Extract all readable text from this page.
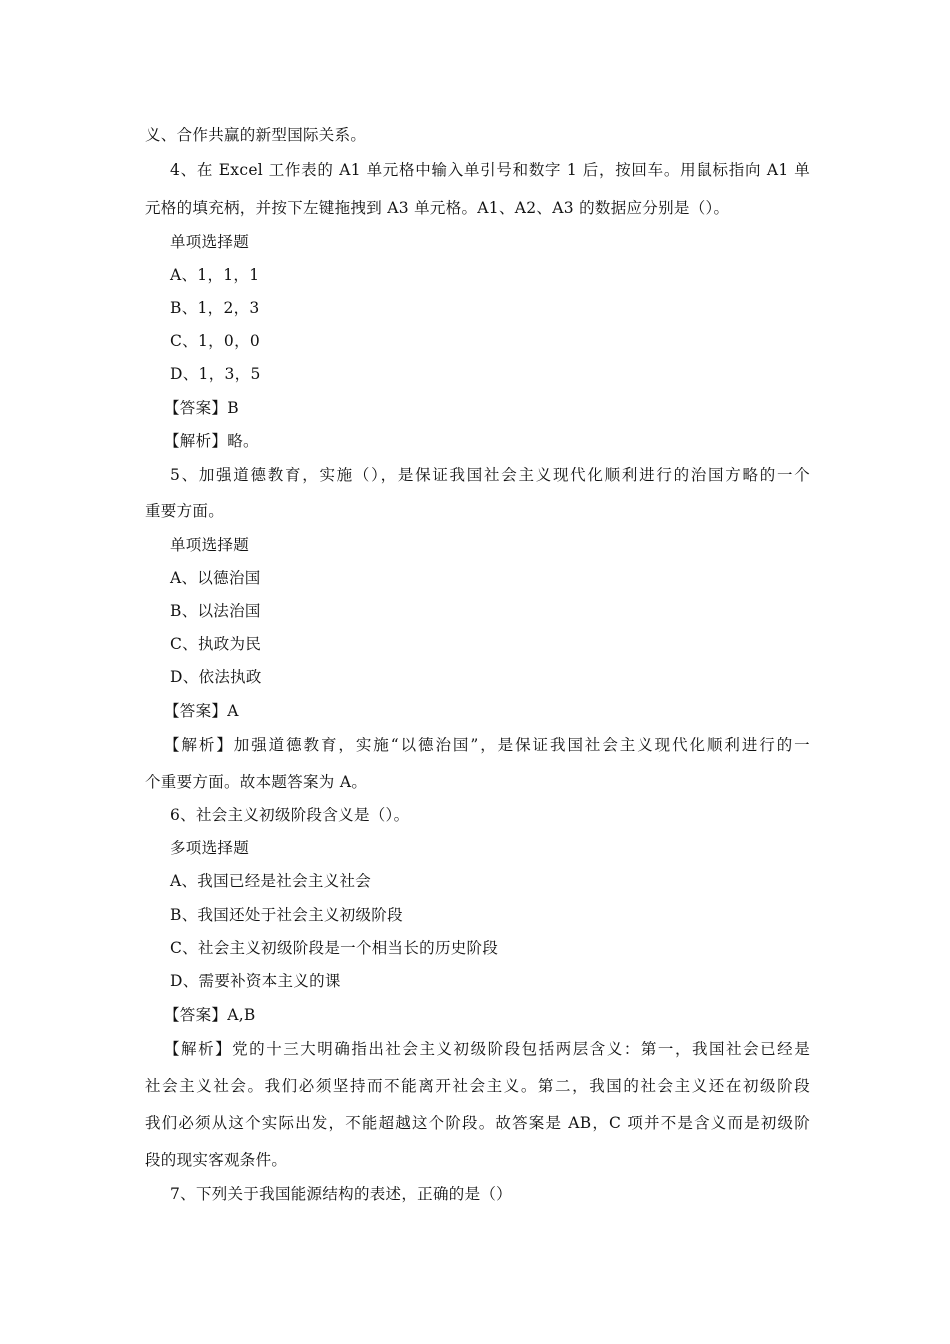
义、合作共赢的新型国际关系。
4、在 Excel 工作表的 A1 单元格中输入单引号和数字 1 后，按回车。用鼠标指向 A1 单
元格的填充柄，并按下左键拖拽到 A3 单元格。A1、A2、A3 的数据应分别是（）。
单项选择题
A、1，1，1
B、1，2，3
C、1，0，0
D、1，3，5
【答案】B
【解析】略。
5、加强道德教育，实施（），是保证我国社会主义现代化顺利进行的治国方略的一个
重要方面。
单项选择题
A、以德治国
B、以法治国
C、执政为民
D、依法执政
【答案】A
【解析】加强道德教育，实施“以德治国”，是保证我国社会主义现代化顺利进行的一
个重要方面。故本题答案为 A。
6、社会主义初级阶段含义是（）。
多项选择题
A、我国已经是社会主义社会
B、我国还处于社会主义初级阶段
C、社会主义初级阶段是一个相当长的历史阶段
D、需要补资本主义的课
【答案】A,B
【解析】党的十三大明确指出社会主义初级阶段包括两层含义：第一，我国社会已经是
社会主义社会。我们必须坚持而不能离开社会主义。第二，我国的社会主义还在初级阶段
我们必须从这个实际出发，不能超越这个阶段。故答案是 AB，C 项并不是含义而是初级阶
段的现实客观条件。
7、下列关于我国能源结构的表述，正确的是（）
